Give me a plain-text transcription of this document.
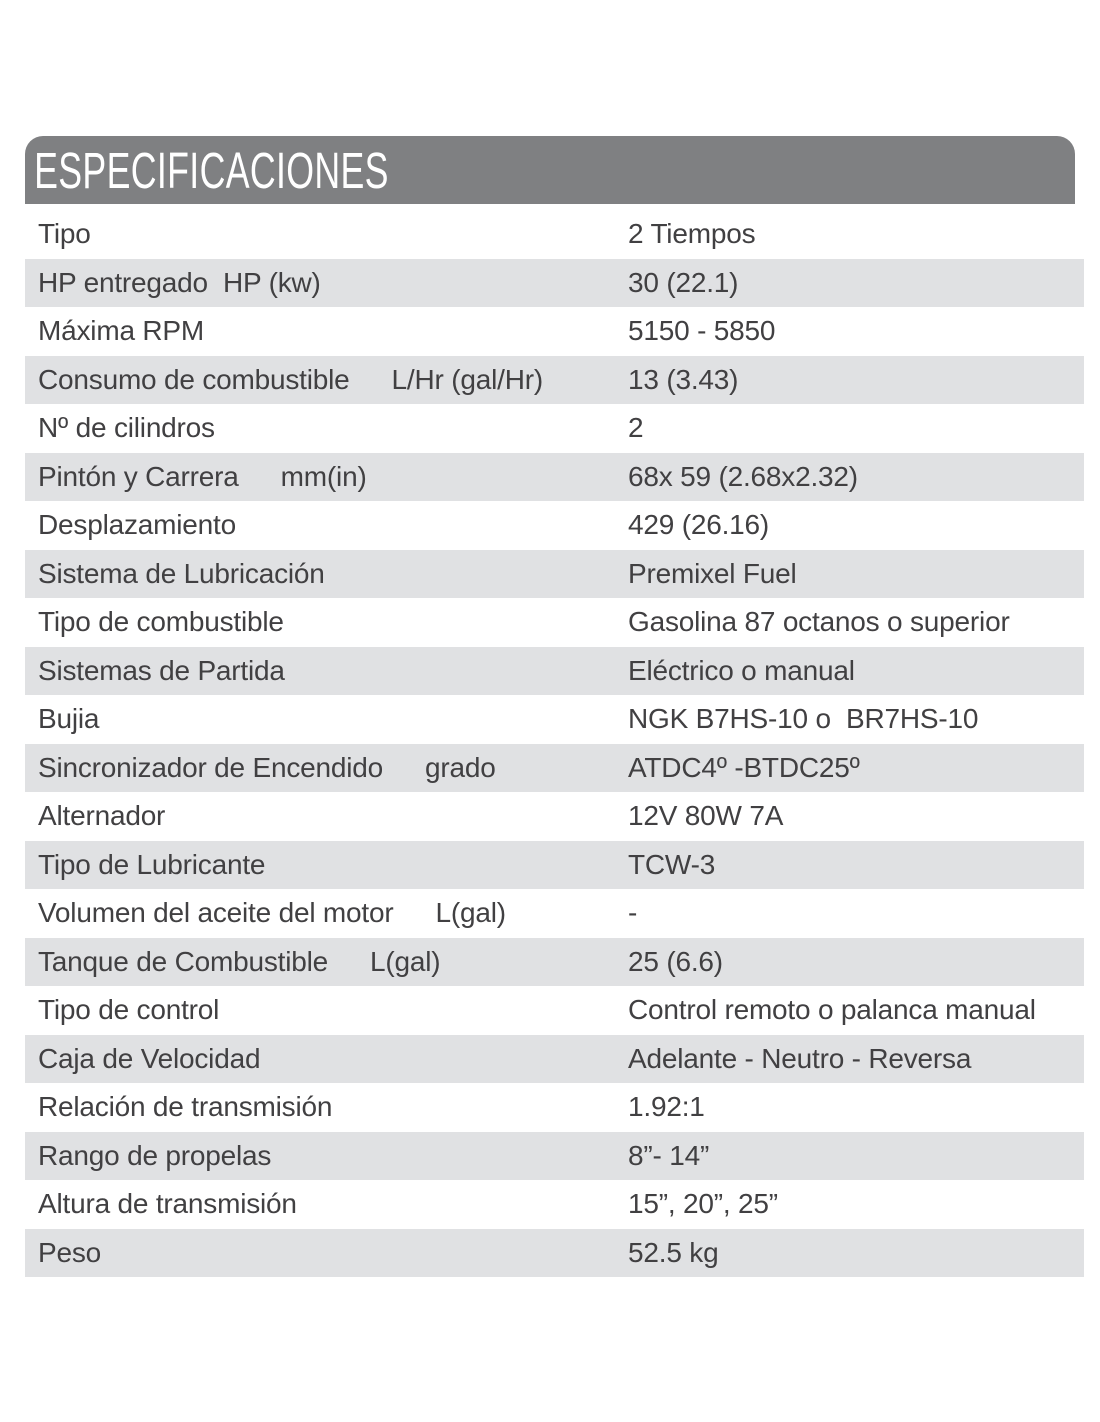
ESPECIFICACIONES
Tipo	2 Tiempos
HP entregado  HP (kw)	30 (22.1)
Máxima RPM	5150 - 5850
Consumo de combustible L/Hr (gal/Hr)	13 (3.43)
Nº de cilindros	2
Pintón y Carrera mm(in)	68x 59 (2.68x2.32)
Desplazamiento	429 (26.16)
Sistema de Lubricación	Premixel Fuel
Tipo de combustible	Gasolina 87 octanos o superior
Sistemas de Partida	Eléctrico o manual
Bujia	NGK B7HS-10 o  BR7HS-10
Sincronizador de Encendido grado	ATDC4º -BTDC25º
Alternador	12V 80W 7A
Tipo de Lubricante	TCW-3
Volumen del aceite del motor L(gal)	-
Tanque de Combustible L(gal)	25 (6.6)
Tipo de control	Control remoto o palanca manual
Caja de Velocidad	Adelante - Neutro - Reversa
Relación de transmisión	1.92:1
Rango de propelas	8”- 14”
Altura de transmisión	15”, 20”, 25”
Peso	52.5 kg
